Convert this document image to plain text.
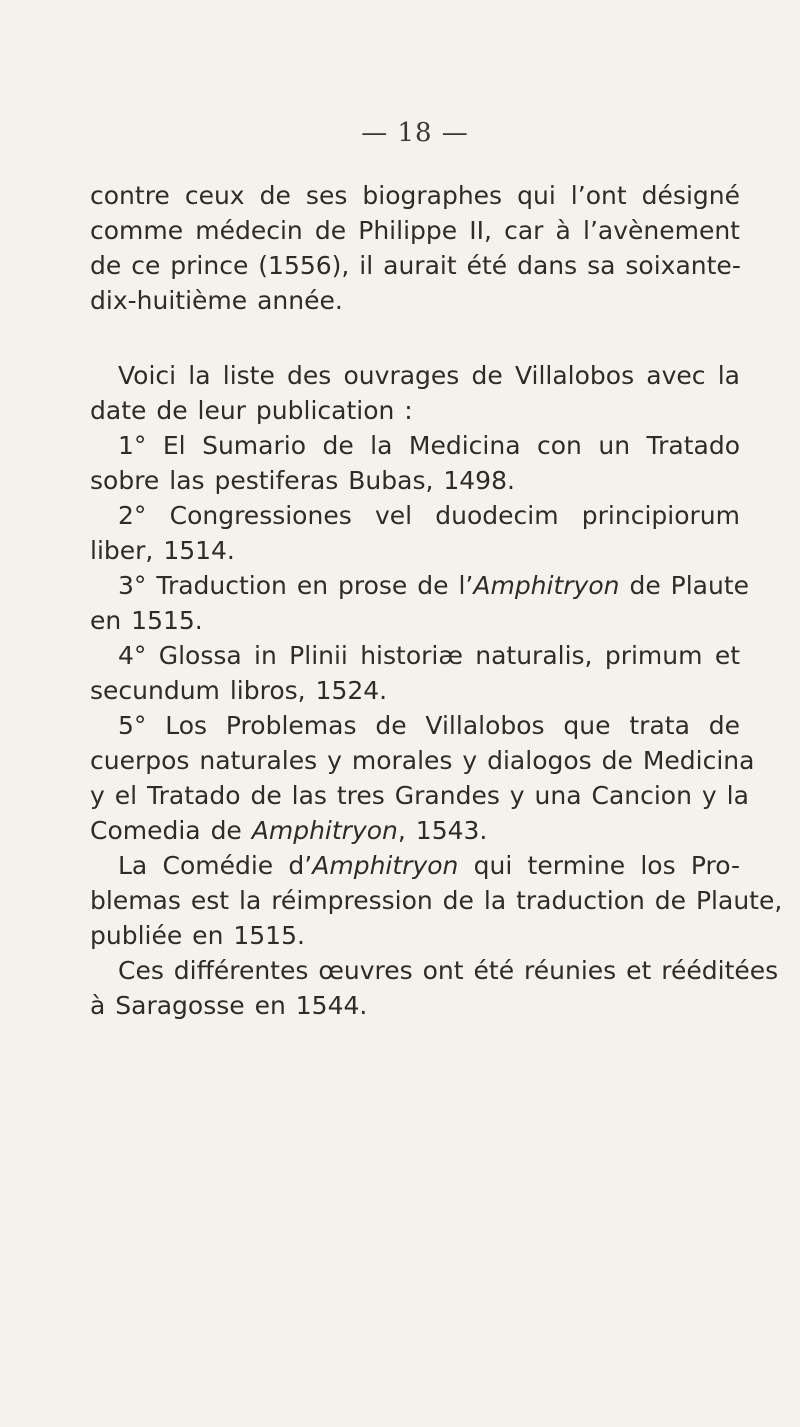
— 18 —
contre ceux de ses biographes qui l’ont désigné
comme médecin de Philippe II, car à l’avènement
de ce prince (1556), il aurait été dans sa soixante-
dix-huitième année.
Voici la liste des ouvrages de Villalobos avec la
date de leur publication :
1° El Sumario de la Medicina con un Tratado
sobre las pestiferas Bubas, 1498.
2° Congressiones vel duodecim principiorum
liber, 1514.
3° Traduction en prose de l’Amphitryon de Plaute
en 1515.
4° Glossa in Plinii historiæ naturalis, primum et
secundum libros, 1524.
5° Los Problemas de Villalobos que trata de
cuerpos naturales y morales y dialogos de Medicina
y el Tratado de las tres Grandes y una Cancion y la
Comedia de Amphitryon, 1543.
La Comédie d’Amphitryon qui termine los Pro-
blemas est la réimpression de la traduction de Plaute,
publiée en 1515.
Ces différentes œuvres ont été réunies et rééditées
à Saragosse en 1544.
